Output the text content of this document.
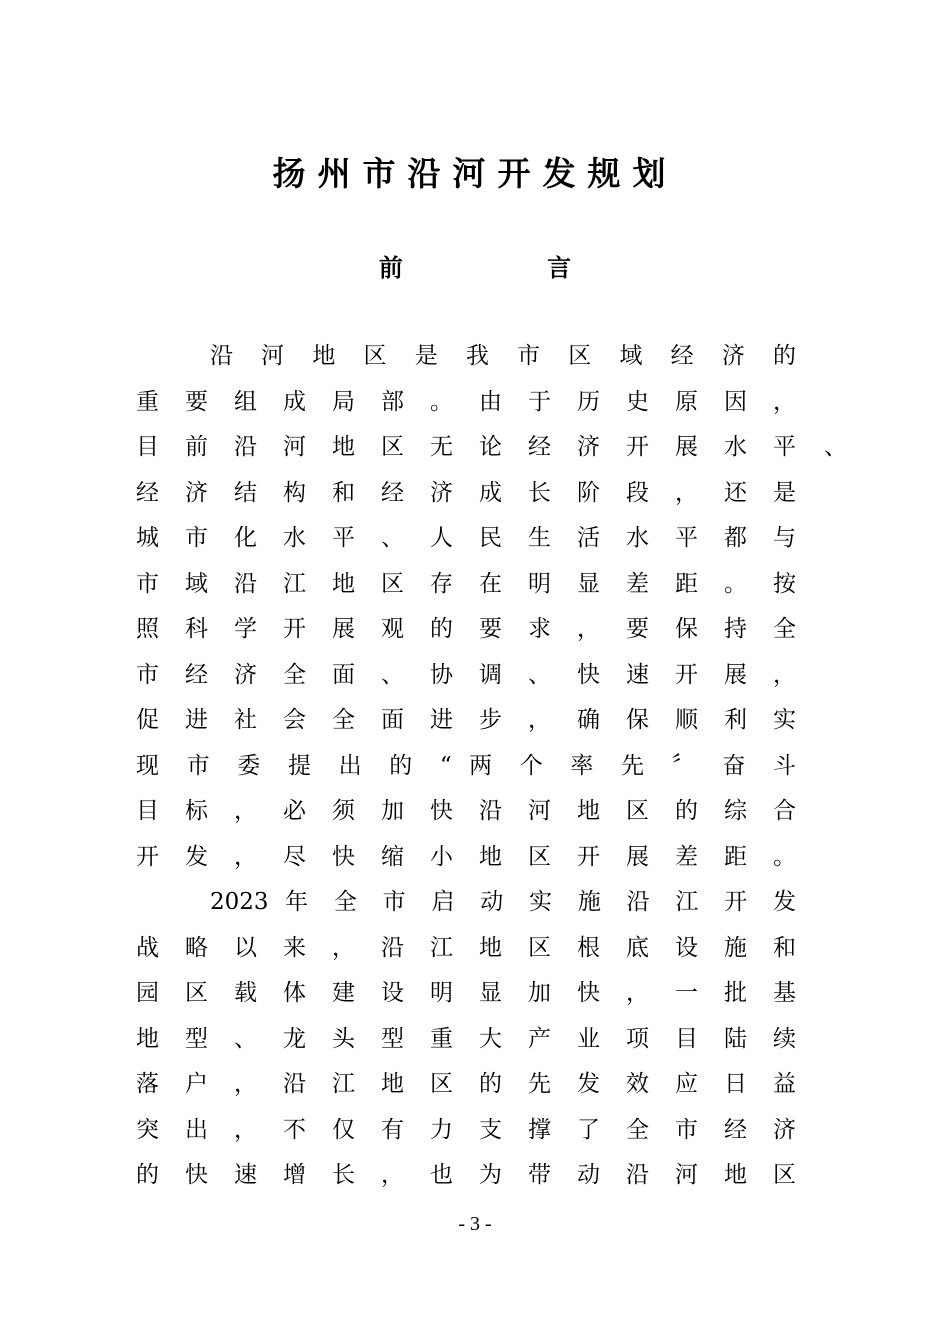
扬州市沿河开发规划
前 言
沿 河 地 区 是 我 市 区 域 经 济 的
重 要 组 成 局 部 。 由 于 历 史 原 因 ，
目 前 沿 河 地 区 无 论 经 济 开 展 水 平 、
经 济 结 构 和 经 济 成 长 阶 段 ， 还 是
城 市 化 水 平 、 人 民 生 活 水 平 都 与
市 域 沿 江 地 区 存 在 明 显 差 距 。 按
照 科 学 开 展 观 的 要 求 ， 要 保 持 全
市 经 济 全 面 、 协 调 、 快 速 开 展 ，
促 进 社 会 全 面 进 步 ， 确 保 顺 利 实
现 市 委 提 出 的 “ 两 个 率 先 〞 奋 斗
目 标 ， 必 须 加 快 沿 河 地 区 的 综 合
开 发 ， 尽 快 缩 小 地 区 开 展 差 距 。
2023 年 全 市 启 动 实 施 沿 江 开 发
战 略 以 来 ， 沿 江 地 区 根 底 设 施 和
园 区 载 体 建 设 明 显 加 快 ， 一 批 基
地 型 、 龙 头 型 重 大 产 业 项 目 陆 续
落 户 ， 沿 江 地 区 的 先 发 效 应 日 益
突 出 ， 不 仅 有 力 支 撑 了 全 市 经 济
的 快 速 增 长 ， 也 为 带 动 沿 河 地 区
- 3 -
